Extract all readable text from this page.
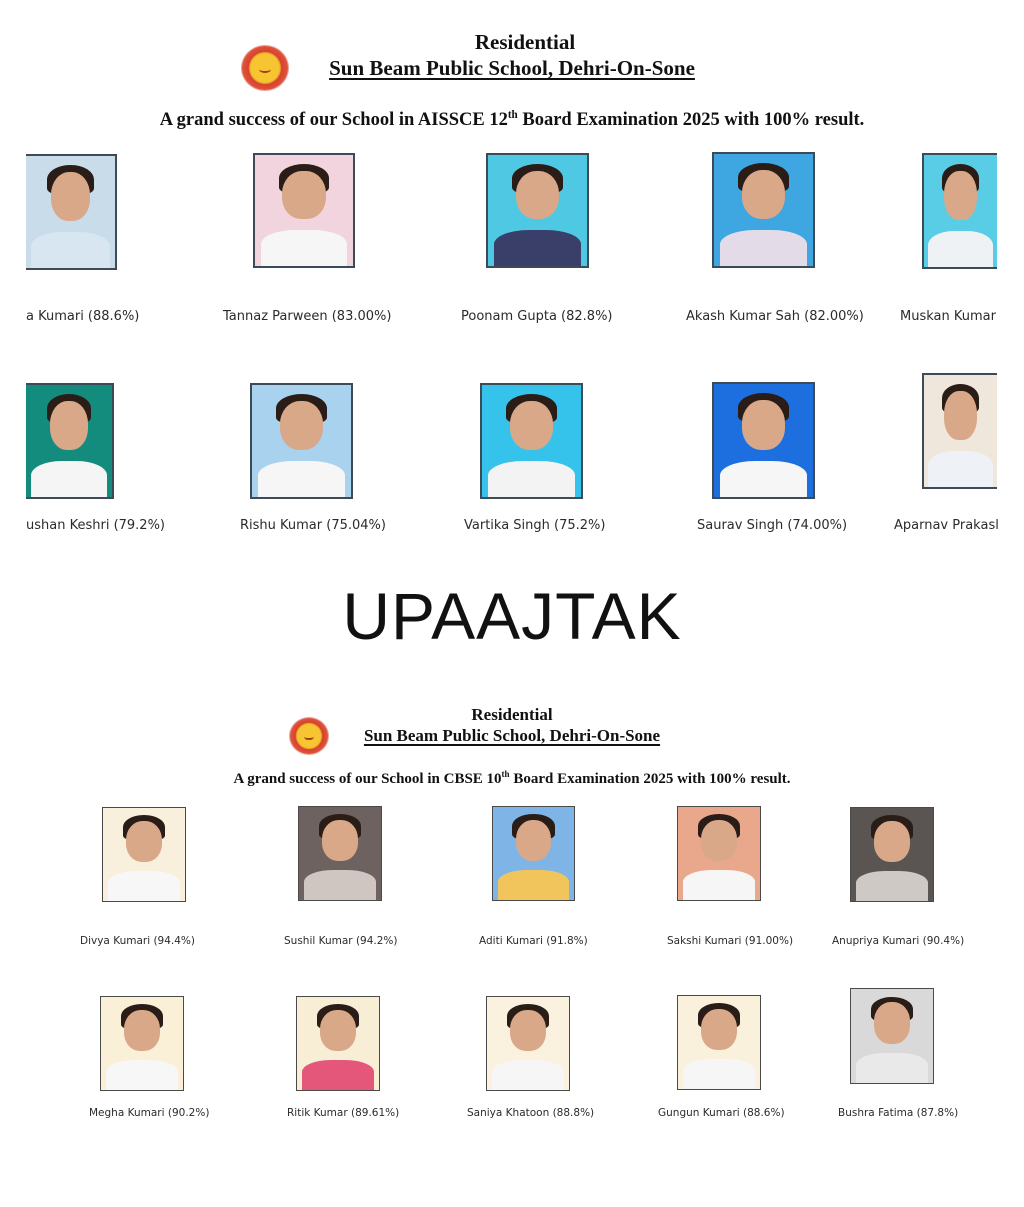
Residential
Sun Beam Public School, Dehri-On-Sone
A grand success of our School in AISSCE 12th Board Examination 2025 with 100% result.
a Kumari (88.6%)	Tannaz Parween (83.00%)	Poonam Gupta (82.8%)	Akash Kumar Sah (82.00%)	Muskan Kumar
ushan Keshri (79.2%)	Rishu Kumar (75.04%)	Vartika Singh (75.2%)	Saurav Singh (74.00%)	Aparnav Prakasl
UPAAJTAK
Residential
Sun Beam Public School, Dehri-On-Sone
A grand success of our School in CBSE 10th Board Examination 2025 with 100% result.
Divya Kumari (94.4%)	Sushil Kumar (94.2%)	Aditi Kumari (91.8%)	Sakshi Kumari (91.00%)	Anupriya Kumari (90.4%)
Megha Kumari (90.2%)	Ritik Kumar (89.61%)	Saniya Khatoon (88.8%)	Gungun Kumari (88.6%)	Bushra Fatima (87.8%)
